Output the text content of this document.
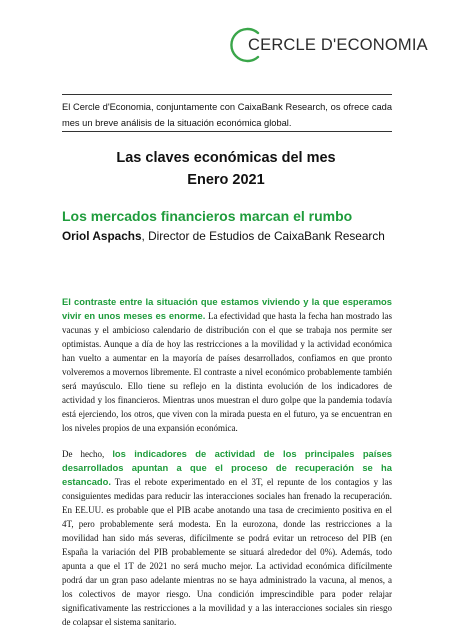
CERCLE D'ECONOMIA
El Cercle d'Economia, conjuntamente con CaixaBank Research, os ofrece cada mes un breve análisis de la situación económica global.
Las claves económicas del mes
Enero 2021
Los mercados financieros marcan el rumbo
Oriol Aspachs, Director de Estudios de CaixaBank Research
El contraste entre la situación que estamos viviendo y la que esperamos vivir en unos meses es enorme. La efectividad que hasta la fecha han mostrado las vacunas y el ambicioso calendario de distribución con el que se trabaja nos permite ser optimistas. Aunque a día de hoy las restricciones a la movilidad y la actividad económica han vuelto a aumentar en la mayoría de países desarrollados, confiamos en que pronto volveremos a movernos libremente. El contraste a nivel económico probablemente también será mayúsculo. Ello tiene su reflejo en la distinta evolución de los indicadores de actividad y los financieros. Mientras unos muestran el duro golpe que la pandemia todavía está ejerciendo, los otros, que viven con la mirada puesta en el futuro, ya se encuentran en los niveles propios de una expansión económica.
De hecho, los indicadores de actividad de los principales países desarrollados apuntan a que el proceso de recuperación se ha estancado. Tras el rebote experimentado en el 3T, el repunte de los contagios y las consiguientes medidas para reducir las interacciones sociales han frenado la recuperación. En EE.UU. es probable que el PIB acabe anotando una tasa de crecimiento positiva en el 4T, pero probablemente será modesta. En la eurozona, donde las restricciones a la movilidad han sido más severas, difícilmente se podrá evitar un retroceso del PIB (en España la variación del PIB probablemente se situará alrededor del 0%). Además, todo apunta a que el 1T de 2021 no será mucho mejor. La actividad económica difícilmente podrá dar un gran paso adelante mientras no se haya administrado la vacuna, al menos, a los colectivos de mayor riesgo. Una condición imprescindible para poder relajar significativamente las restricciones a la movilidad y a las interacciones sociales sin riesgo de colapsar el sistema sanitario.
